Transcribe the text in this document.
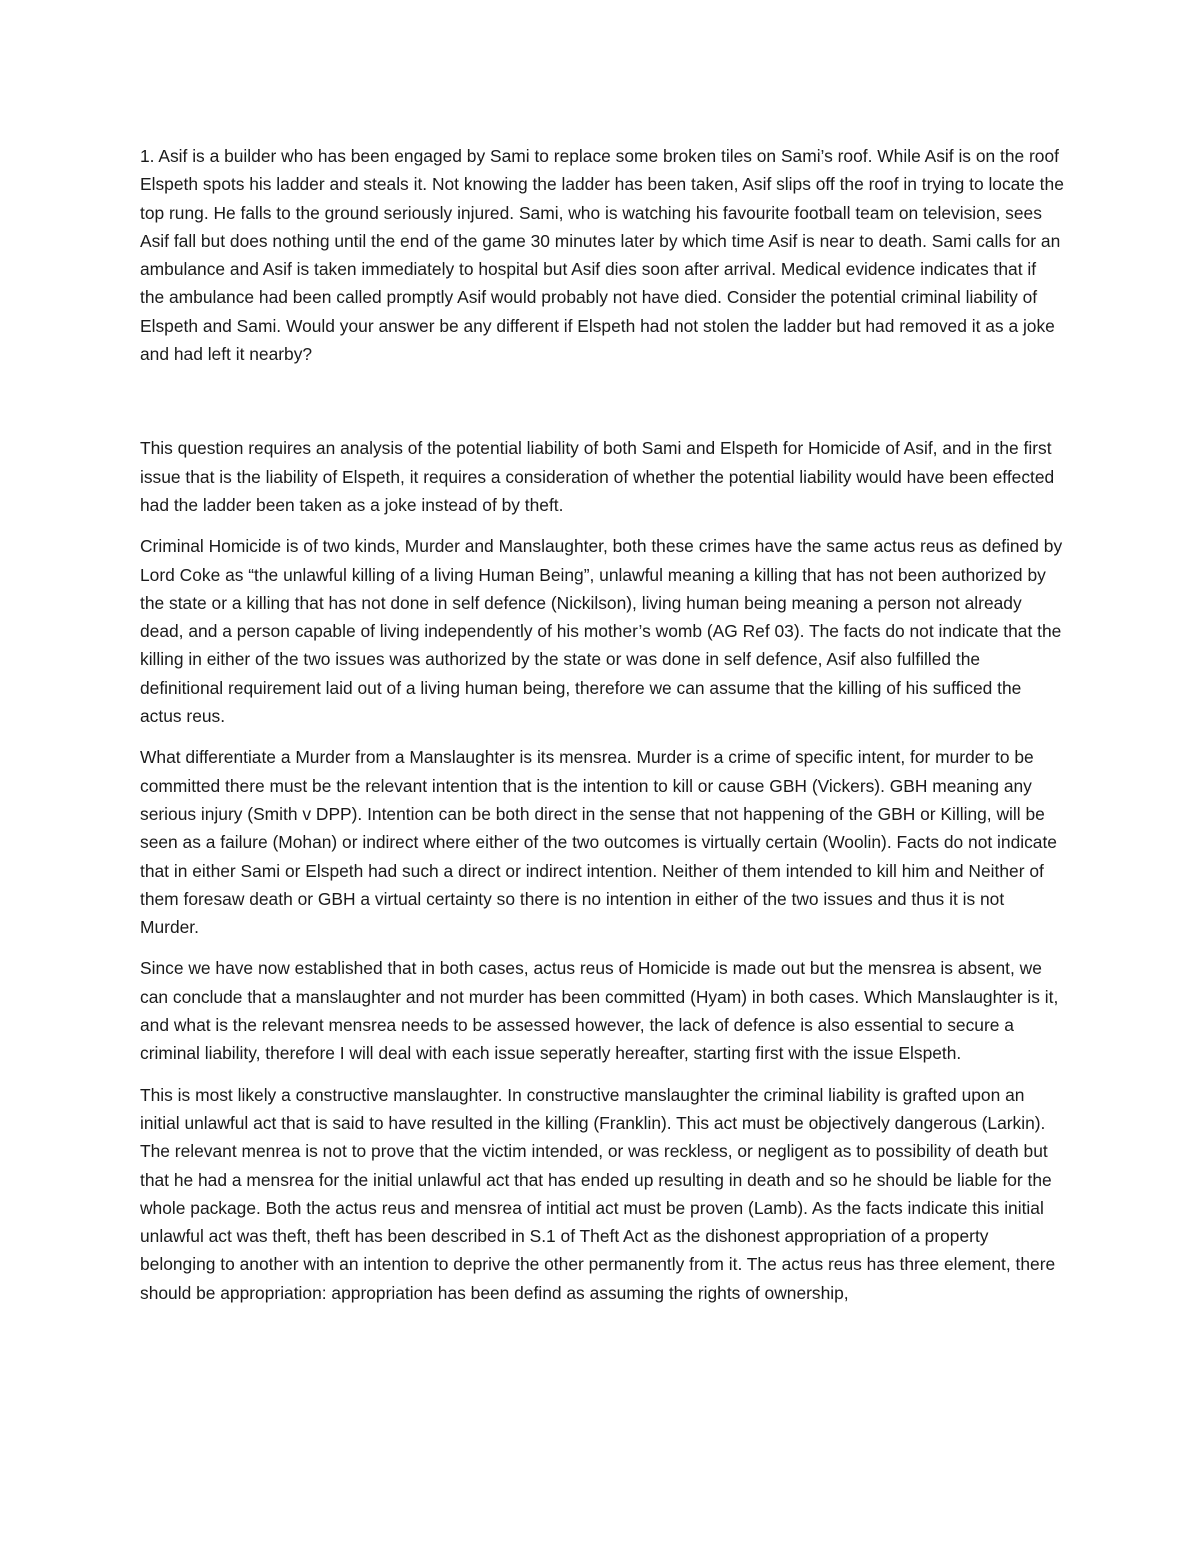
1. Asif is a builder who has been engaged by Sami to replace some broken tiles on Sami’s roof. While Asif is on the roof Elspeth spots his ladder and steals it. Not knowing the ladder has been taken, Asif slips off the roof in trying to locate the top rung. He falls to the ground seriously injured. Sami, who is watching his favourite football team on television, sees Asif fall but does nothing until the end of the game 30 minutes later by which time Asif is near to death. Sami calls for an ambulance and Asif is taken immediately to hospital but Asif dies soon after arrival. Medical evidence indicates that if the ambulance had been called promptly Asif would probably not have died. Consider the potential criminal liability of Elspeth and Sami. Would your answer be any different if Elspeth had not stolen the ladder but had removed it as a joke and had left it nearby?

This question requires an analysis of the potential liability of both Sami and Elspeth for Homicide of Asif, and in the first issue that is the liability of Elspeth, it requires a consideration of whether the potential liability would have been effected had the ladder been taken as a joke instead of by theft.

Criminal Homicide is of two kinds, Murder and Manslaughter, both these crimes have the same actus reus as defined by Lord Coke as “the unlawful killing of a living Human Being”, unlawful meaning a killing that has not been authorized by the state or a killing that has not done in self defence (Nickilson), living human being meaning a person not already dead, and a person capable of living independently of his mother’s womb (AG Ref 03). The facts do not indicate that the killing in either of the two issues was authorized by the state or was done in self defence, Asif also fulfilled the definitional requirement laid out of a living human being, therefore we can assume that the killing of his sufficed the actus reus.

What differentiate a Murder from a Manslaughter is its mensrea. Murder is a crime of specific intent, for murder to be committed there must be the relevant intention that is the intention to kill or cause GBH (Vickers). GBH meaning any serious injury (Smith v DPP). Intention can be both direct in the sense that not happening of the GBH or Killing, will be seen as a failure (Mohan) or indirect where either of the two outcomes is virtually certain (Woolin). Facts do not indicate that in either Sami or Elspeth had such a direct or indirect intention. Neither of them intended to kill him and Neither of them foresaw death or GBH a virtual certainty so there is no intention in either of the two issues and thus it is not Murder.

Since we have now established that in both cases, actus reus of Homicide is made out but the mensrea is absent, we can conclude that a manslaughter and not murder has been committed (Hyam) in both cases. Which Manslaughter is it, and what is the relevant mensrea needs to be assessed however, the lack of defence is also essential to secure a criminal liability, therefore I will deal with each issue seperatly hereafter, starting first with the issue Elspeth.

This is most likely a constructive manslaughter. In constructive manslaughter the criminal liability is grafted upon an initial unlawful act that is said to have resulted in the killing (Franklin). This act must be objectively dangerous (Larkin). The relevant menrea is not to prove that the victim intended, or was reckless, or negligent as to possibility of death but that he had a mensrea for the initial unlawful act that has ended up resulting in death and so he should be liable for the whole package. Both the actus reus and mensrea of intitial act must be proven (Lamb). As the facts indicate this initial unlawful act was theft, theft has been described in S.1 of Theft Act as the dishonest appropriation of a property belonging to another with an intention to deprive the other permanently from it. The actus reus has three element, there should be appropriation: appropriation has been defind as assuming the rights of ownership,
